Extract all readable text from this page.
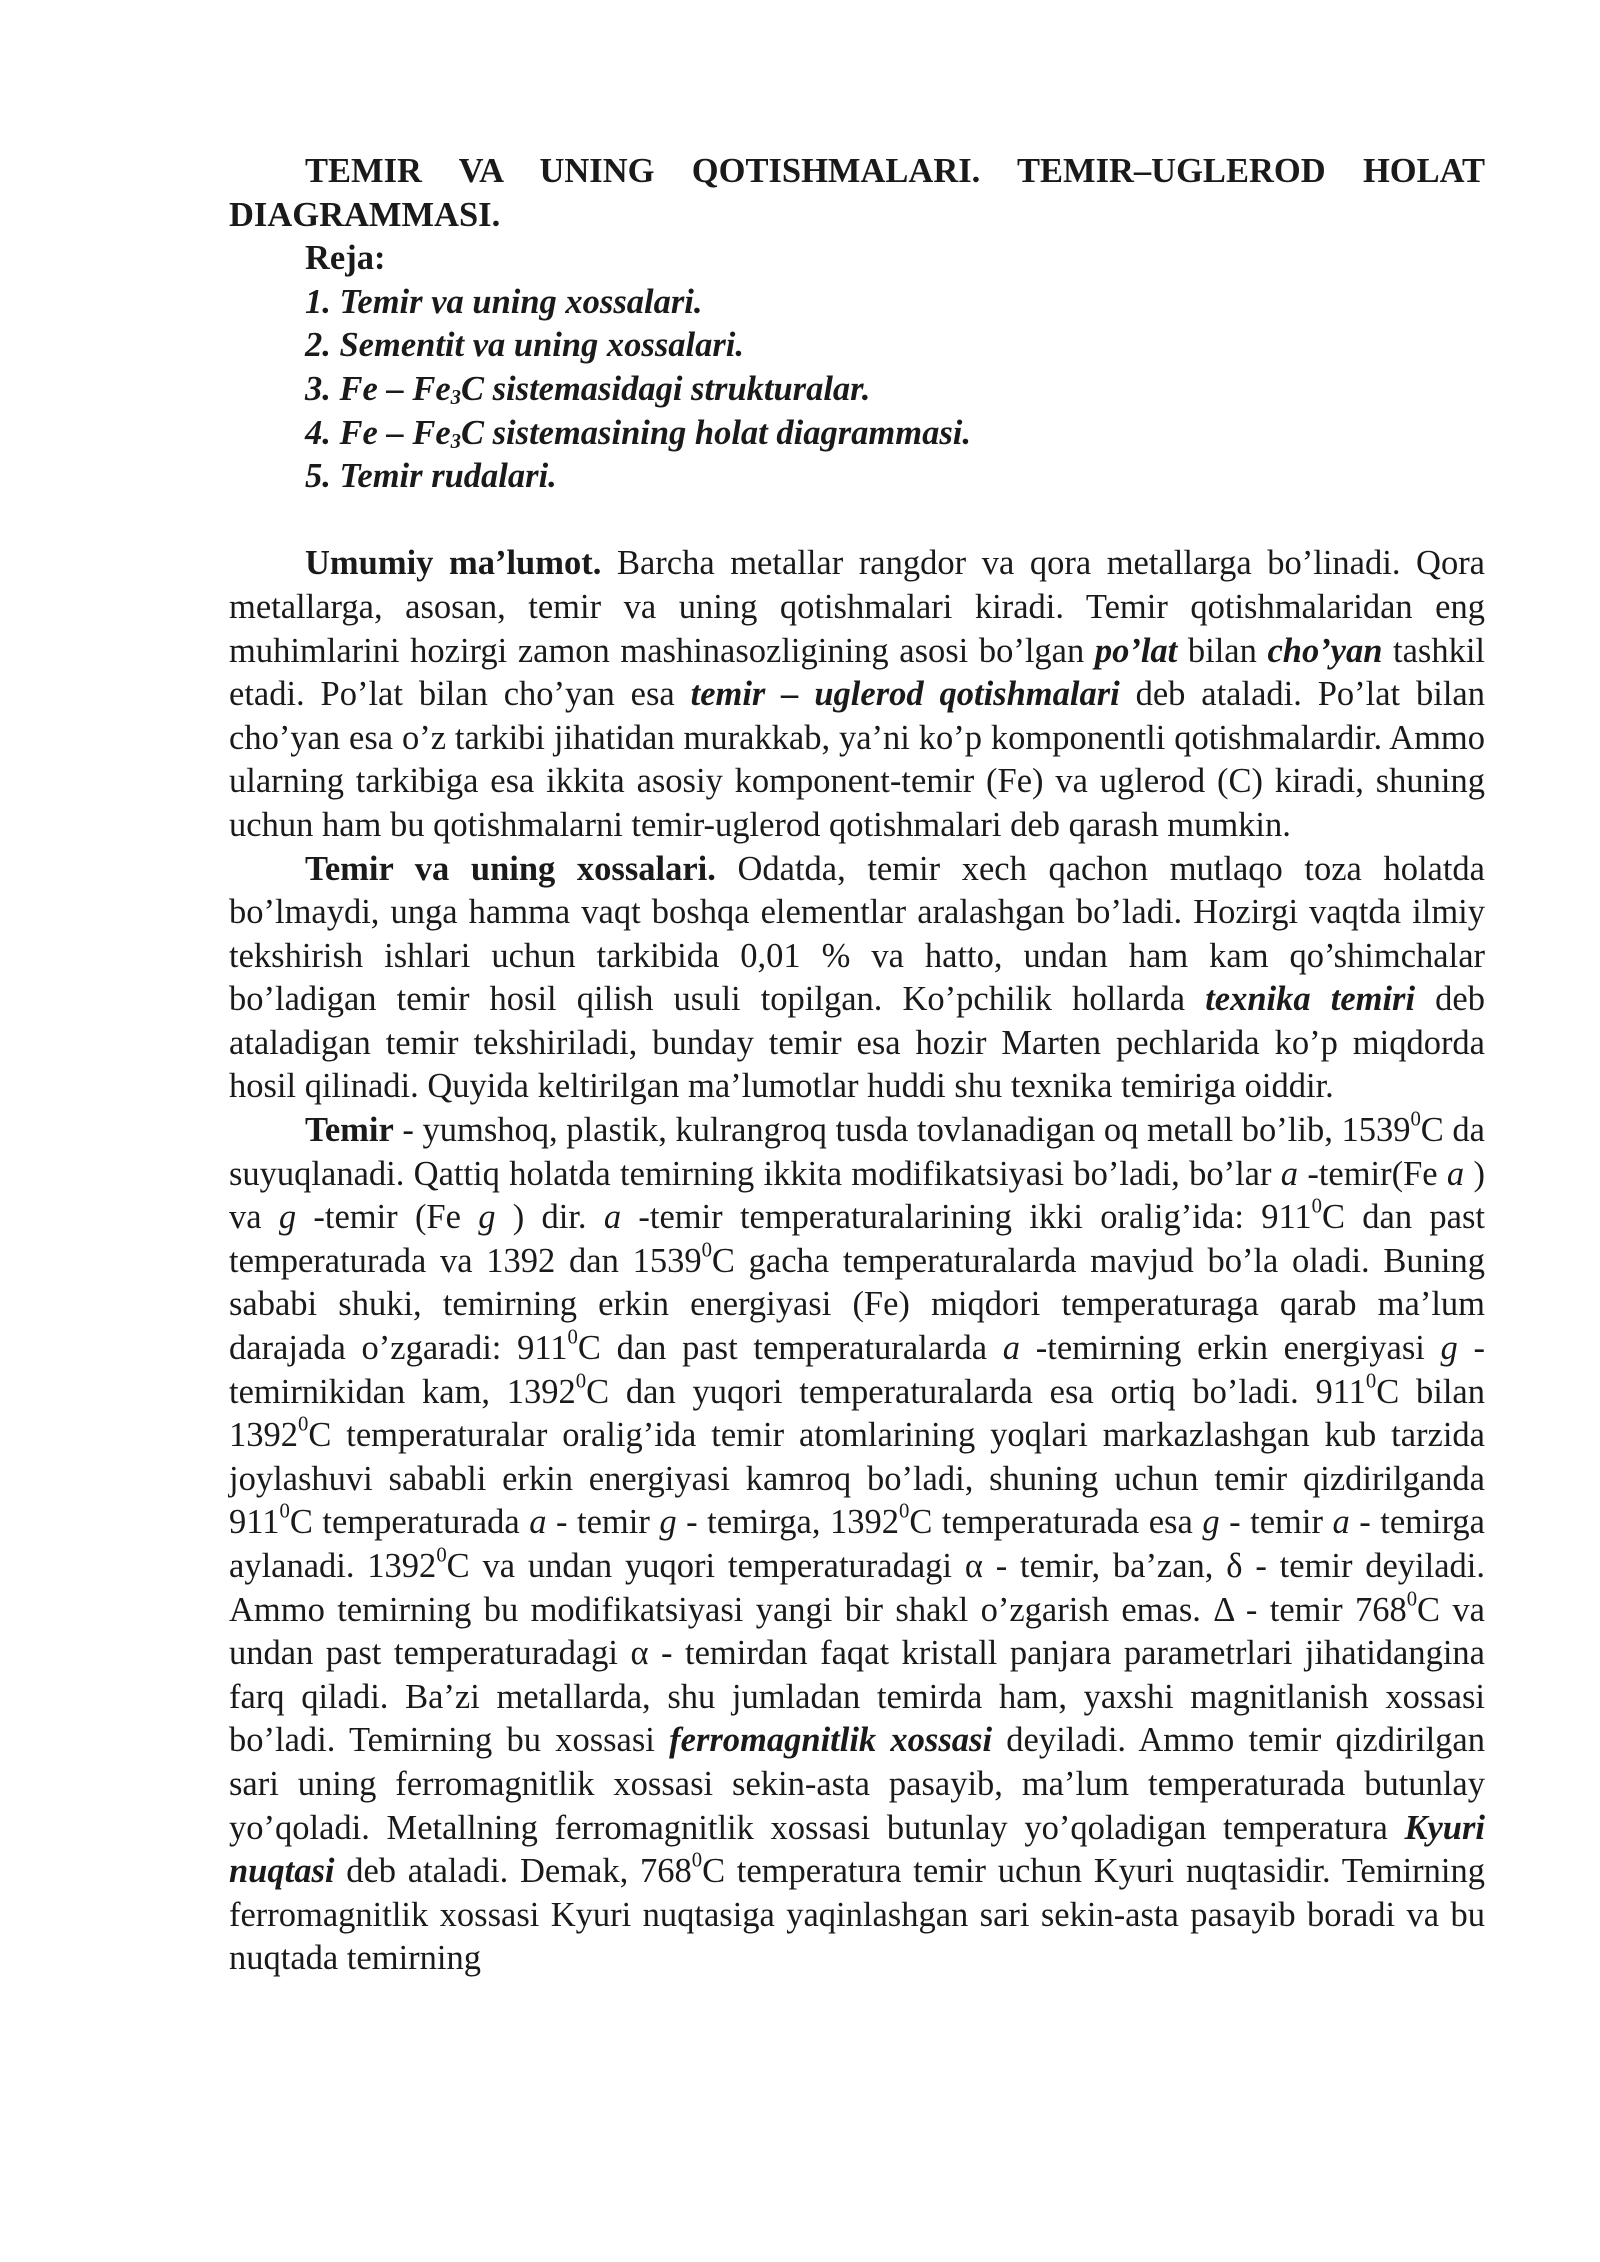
TEMIR VA UNING QOTISHMALARI. TEMIR–UGLEROD HOLAT DIAGRAMMASI.

Reja:

1. Temir va uning xossalari.
2. Sementit va uning xossalari.
3. Fe – $Fe_3C$ sistemasidagi strukturalar.
4. Fe – $Fe_3C$ sistemasining holat diagrammasi.
5. Temir rudalari.

Umumiy ma’lumot. Barcha metallar rangdor va qora metallarga bo’linadi. Qora metallarga, asosan, temir va uning qotishmalari kiradi. Temir qotishmalaridan eng muhimlarini hozirgi zamon mashinasozligining asosi bo’lgan po’lat bilan cho’yan tashkil etadi. Po’lat bilan cho’yan esa temir – uglerod qotishmalari deb ataladi. Po’lat bilan cho’yan esa o’z tarkibi jihatidan murakkab, ya’ni ko’p komponentli qotishmalardir. Ammo ularning tarkibiga esa ikkita asosiy komponent-temir (Fe) va uglerod (C) kiradi, shuning uchun ham bu qotishmalarni temir-uglerod qotishmalari deb qarash mumkin.

Temir va uning xossalari. Odatda, temir xech qachon mutlaqo toza holatda bo’lmaydi, unga hamma vaqt boshqa elementlar aralashgan bo’ladi. Hozirgi vaqtda ilmiy tekshirish ishlari uchun tarkibida 0,01 % va hatto, undan ham kam qo’shimchalar bo’ladigan temir hosil qilish usuli topilgan. Ko’pchilik hollarda texnika temiri deb ataladigan temir tekshiriladi, bunday temir esa hozir Marten pechlarida ko’p miqdorda hosil qilinadi. Quyida keltirilgan ma’lumotlar huddi shu texnika temiriga oiddir.

Temir - yumshoq, plastik, kulrangroq tusda tovlanadigan oq metall bo’lib, 1539$^0$C da suyuqlanadi. Qattiq holatda temirning ikkita modifikatsiyasi bo’ladi, bo’lar a -temir(Fe a ) va g -temir (Fe g ) dir. a -temir temperaturalarining ikki oralig’ida: $911^0C$ dan past temperaturada va 1392 dan 1539$^0$C gacha temperaturalarda mavjud bo’la oladi. Buning sababi shuki, temirning erkin energiyasi (Fe) miqdori temperaturaga qarab ma’lum darajada o’zgaradi: $911^0C$ dan past temperaturalarda a -temirning erkin energiyasi g - temirnikidan kam, 1392$^0$C dan yuqori temperaturalarda esa ortiq bo’ladi. $911^0C$ bilan 1392$^0$C temperaturalar oralig’ida temir atomlarining yoqlari markazlashgan kub tarzida joylashuvi sababli erkin energiyasi kamroq bo’ladi, shuning uchun temir qizdirilganda $911^0C$ temperaturada a - temir g - temirga, 1392$^0$C temperaturada esa g - temir a - temirga aylanadi. 1392$^0$C va undan yuqori temperaturadagi α - temir, ba’zan, δ - temir deyiladi. Ammo temirning bu modifikatsiyasi yangi bir shakl o’zgarish emas. Δ - temir $768^0C$ va undan past temperaturadagi α - temirdan faqat kristall panjara parametrlari jihatidangina farq qiladi. Ba’zi metallarda, shu jumladan temirda ham, yaxshi magnitlanish xossasi bo’ladi. Temirning bu xossasi ferromagnitlik xossasi deyiladi. Ammo temir qizdirilgan sari uning ferromagnitlik xossasi sekin-asta pasayib, ma’lum temperaturada butunlay yo’qoladi. Metallning ferromagnitlik xossasi butunlay yo’qoladigan temperatura Kyuri nuqtasi deb ataladi. Demak, $768^0C$ temperatura temir uchun Kyuri nuqtasidir. Temirning ferromagnitlik xossasi Kyuri nuqtasiga yaqinlashgan sari sekin-asta pasayib boradi va bu nuqtada temirning
